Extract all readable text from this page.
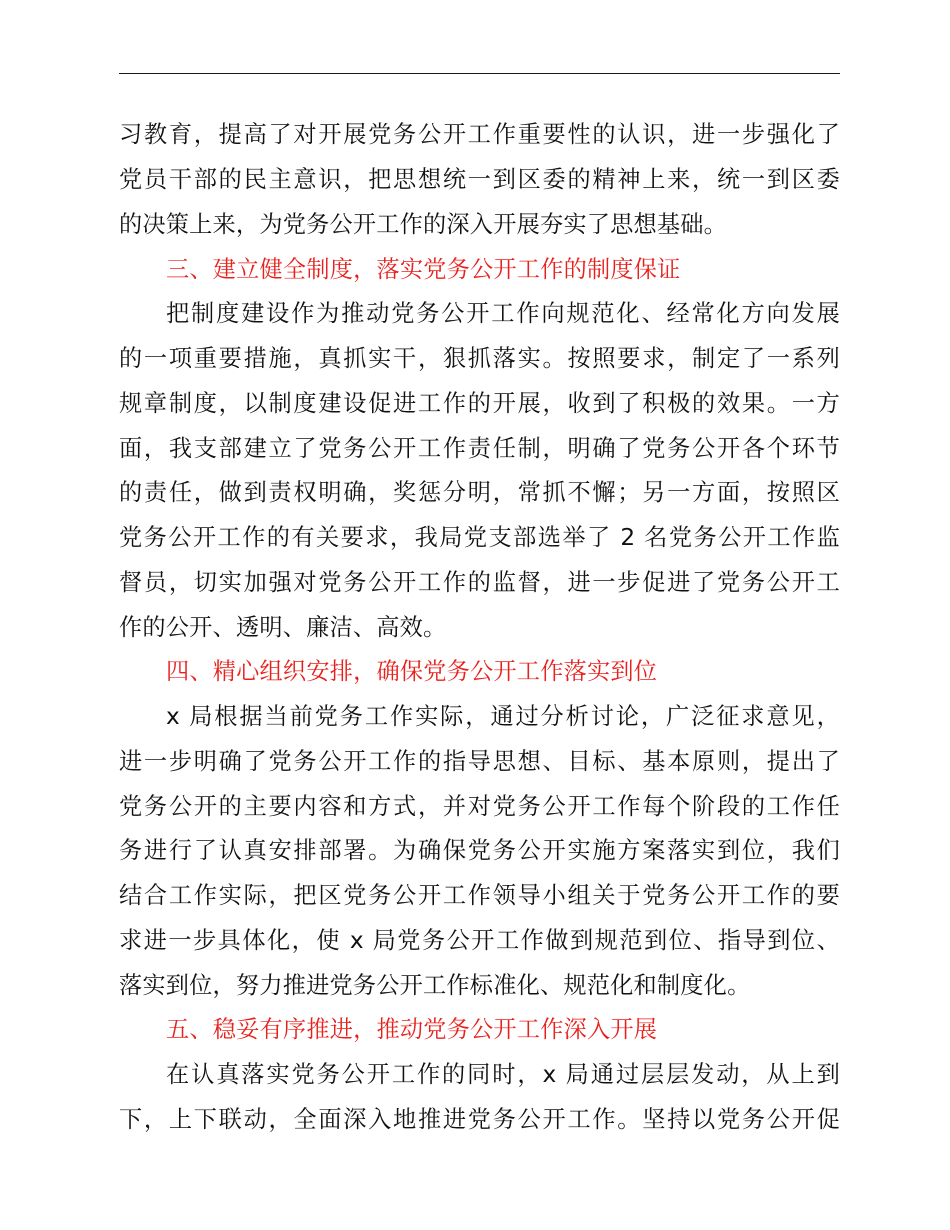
习教育，提高了对开展党务公开工作重要性的认识，进一步强化了
党员干部的民主意识，把思想统一到区委的精神上来，统一到区委
的决策上来，为党务公开工作的深入开展夯实了思想基础。
三、建立健全制度，落实党务公开工作的制度保证
把制度建设作为推动党务公开工作向规范化、经常化方向发展
的一项重要措施，真抓实干，狠抓落实。按照要求，制定了一系列
规章制度，以制度建设促进工作的开展，收到了积极的效果。一方
面，我支部建立了党务公开工作责任制，明确了党务公开各个环节
的责任，做到责权明确，奖惩分明，常抓不懈；另一方面，按照区
党务公开工作的有关要求，我局党支部选举了 2 名党务公开工作监
督员，切实加强对党务公开工作的监督，进一步促进了党务公开工
作的公开、透明、廉洁、高效。
四、精心组织安排，确保党务公开工作落实到位
x 局根据当前党务工作实际，通过分析讨论，广泛征求意见，
进一步明确了党务公开工作的指导思想、目标、基本原则，提出了
党务公开的主要内容和方式，并对党务公开工作每个阶段的工作任
务进行了认真安排部署。为确保党务公开实施方案落实到位，我们
结合工作实际，把区党务公开工作领导小组关于党务公开工作的要
求进一步具体化，使 x 局党务公开工作做到规范到位、指导到位、
落实到位，努力推进党务公开工作标准化、规范化和制度化。
五、稳妥有序推进，推动党务公开工作深入开展
在认真落实党务公开工作的同时，x 局通过层层发动，从上到
下，上下联动，全面深入地推进党务公开工作。坚持以党务公开促
